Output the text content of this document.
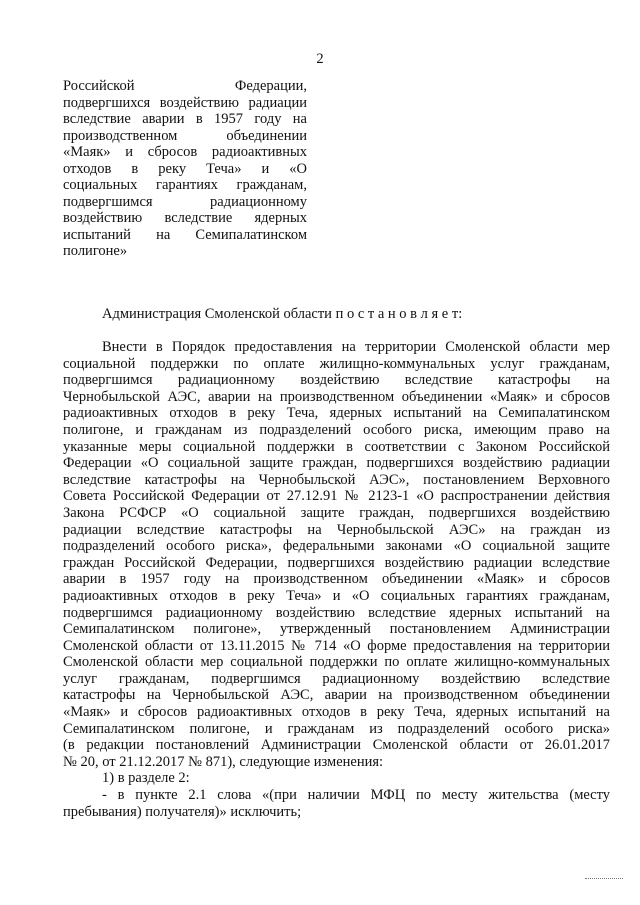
2
Российской Федерации,
подвергшихся воздействию радиации
вследствие аварии в 1957 году на
производственном объединении
«Маяк» и сбросов радиоактивных
отходов в реку Теча» и «О
социальных гарантиях гражданам,
подвергшимся радиационному
воздействию вследствие ядерных
испытаний на Семипалатинском
полигоне»
Администрация Смоленской области п о с т а н о в л я е т:
Внести в Порядок предоставления на территории Смоленской области мер
социальной поддержки по оплате жилищно-коммунальных услуг гражданам,
подвергшимся радиационному воздействию вследствие катастрофы на
Чернобыльской АЭС, аварии на производственном объединении «Маяк» и сбросов
радиоактивных отходов в реку Теча, ядерных испытаний на Семипалатинском
полигоне, и гражданам из подразделений особого риска, имеющим право на
указанные меры социальной поддержки в соответствии с Законом Российской
Федерации «О социальной защите граждан, подвергшихся воздействию радиации
вследствие катастрофы на Чернобыльской АЭС», постановлением Верховного
Совета Российской Федерации от 27.12.91 № 2123-1 «О распространении действия
Закона РСФСР «О социальной защите граждан, подвергшихся воздействию
радиации вследствие катастрофы на Чернобыльской АЭС» на граждан из
подразделений особого риска», федеральными законами «О социальной защите
граждан Российской Федерации, подвергшихся воздействию радиации вследствие
аварии в 1957 году на производственном объединении «Маяк» и сбросов
радиоактивных отходов в реку Теча» и «О социальных гарантиях гражданам,
подвергшимся радиационному воздействию вследствие ядерных испытаний на
Семипалатинском полигоне», утвержденный постановлением Администрации
Смоленской области от 13.11.2015 № 714 «О форме предоставления на территории
Смоленской области мер социальной поддержки по оплате жилищно-коммунальных
услуг гражданам, подвергшимся радиационному воздействию вследствие
катастрофы на Чернобыльской АЭС, аварии на производственном объединении
«Маяк» и сбросов радиоактивных отходов в реку Теча, ядерных испытаний на
Семипалатинском полигоне, и гражданам из подразделений особого риска»
(в редакции постановлений Администрации Смоленской области от 26.01.2017
№ 20, от 21.12.2017 № 871), следующие изменения:
1) в разделе 2:
- в пункте 2.1 слова «(при наличии МФЦ по месту жительства (месту
пребывания) получателя)» исключить;
